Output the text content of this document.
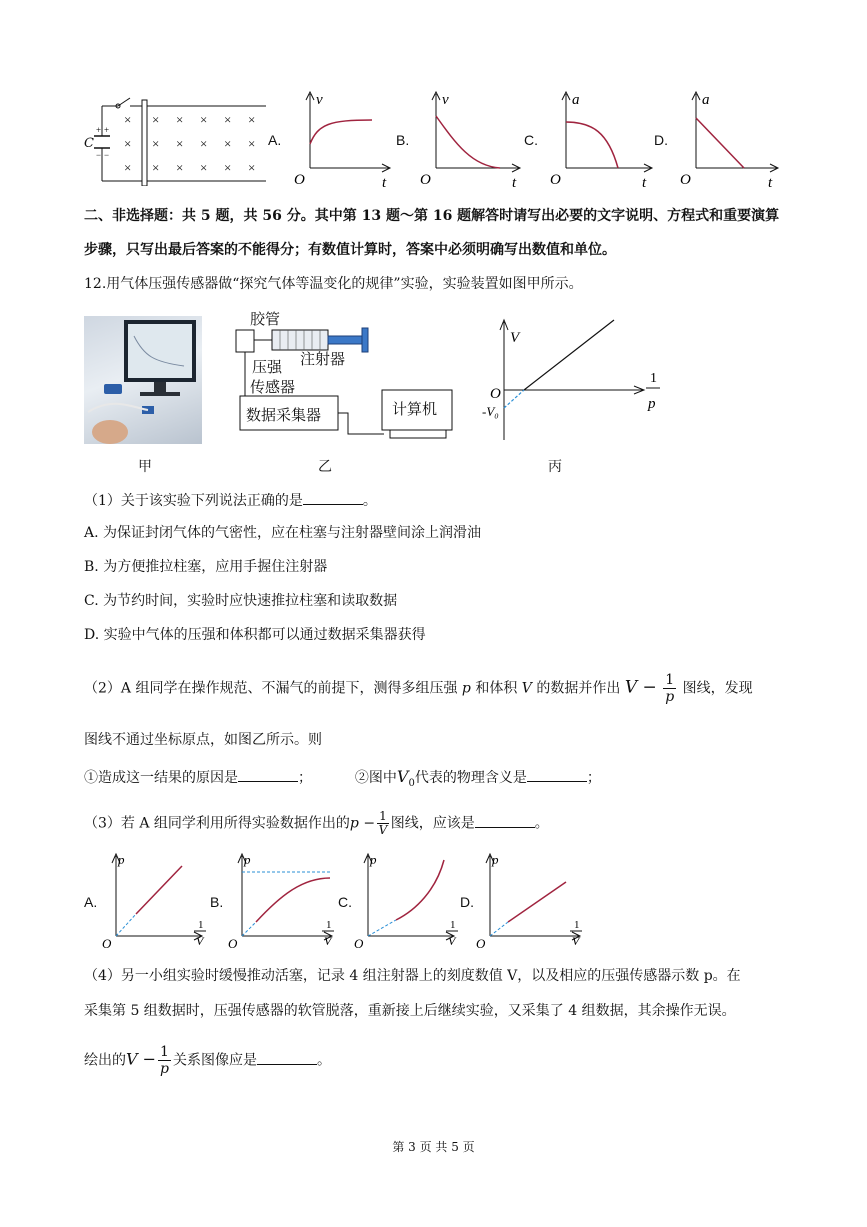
+ +
− −
×
×
×
× × × × ×
× × × × ×
× × × × ×
C	A.	B.	C.	D.
v
O	t
v
O	t
a
O	t
a
O	t
二、非选择题：共 5 题，共 56 分。其中第 13 题～第 16 题解答时请写出必要的文字说明、方程式和重要演算
步骤，只写出最后答案的不能得分；有数值计算时，答案中必须明确写出数值和单位。
12.用气体压强传感器做“探究气体等温变化的规律”实验，实验装置如图甲所示。
胶管
注射器
压强
传感器
数据采集器	计算机
V
O
-V₀
1
p
甲	乙	丙
（1）关于该实验下列说法正确的是	。
A. 为保证封闭气体的气密性，应在柱塞与注射器壁间涂上润滑油
B. 为方便推拉柱塞，应用手握住注射器
C. 为节约时间，实验时应快速推拉柱塞和读取数据
D. 实验中气体的压强和体积都可以通过数据采集器获得
（2）A 组同学在操作规范、不漏气的前提下，测得多组压强 p 和体积 V 的数据并作出 $V - \frac{1}{p}$ 图线，发现
图线不通过坐标原点，如图乙所示。则
①造成这一结果的原因是	；	②图中$V_0$代表的物理含义是	；
（3）若 A 组同学利用所得实验数据作出的$p - \frac{1}{V}$ 图线，应该是	。
A.	B.	C.	D.
p
O
1
V
p
O
1
V
p
O
1
V
p
O
1
V
（4）另一小组实验时缓慢推动活塞，记录 4 组注射器上的刻度数值 V，以及相应的压强传感器示数 p。在
采集第 5 组数据时，压强传感器的软管脱落，重新接上后继续实验，又采集了 4 组数据，其余操作无误。
绘出的$V - \frac{1}{p}$ 关系图像应是	。
第 3 页 共 5 页
